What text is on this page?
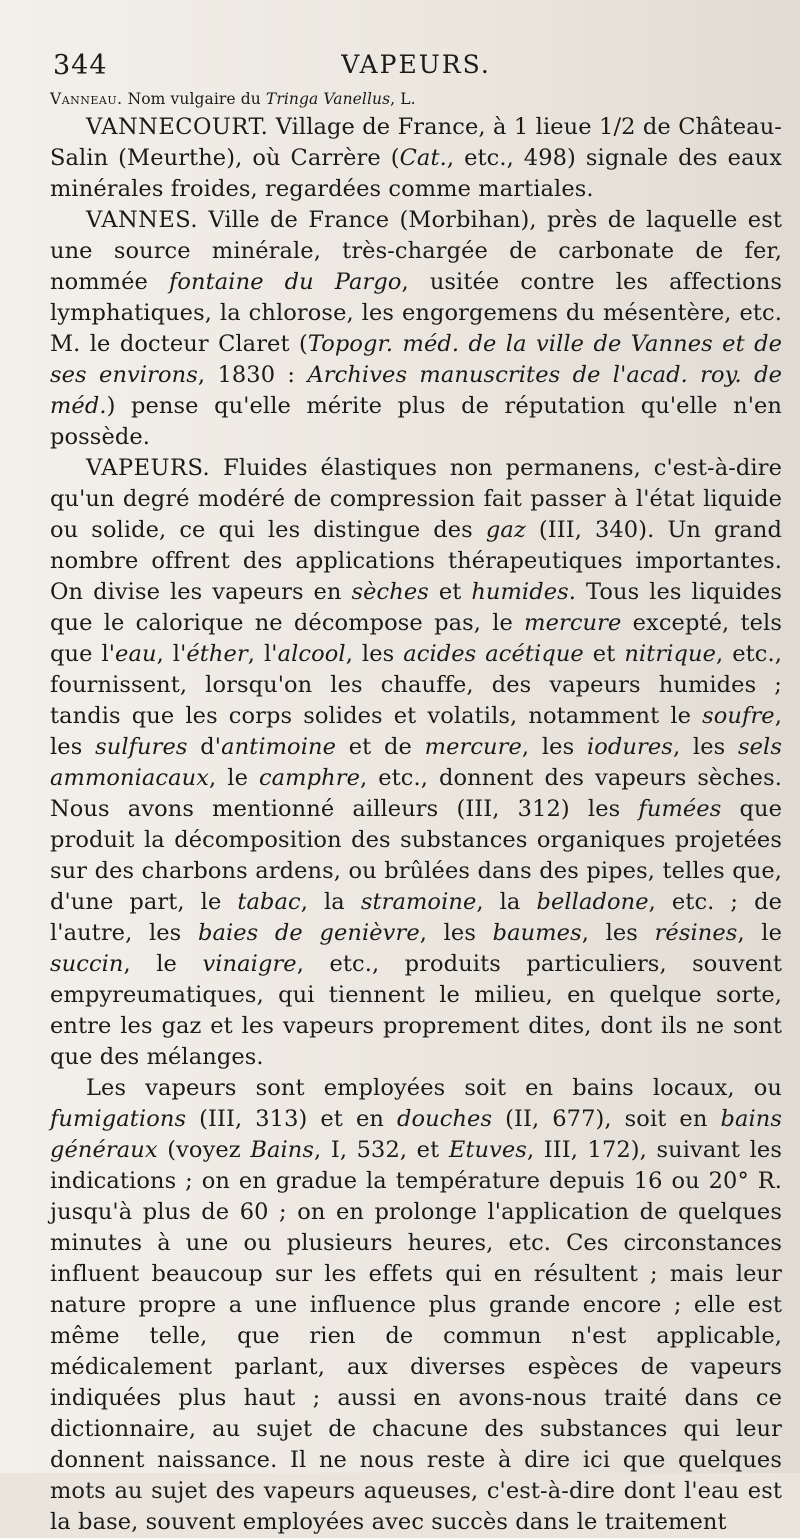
344	VAPEURS.

Vanneau. Nom vulgaire du Tringa Vanellus, L.

VANNECOURT. Village de France, à 1 lieue 1/2 de Château-Salin (Meurthe), où Carrère (Cat., etc., 498) signale des eaux minérales froides, regardées comme martiales.

VANNES. Ville de France (Morbihan), près de laquelle est une source minérale, très-chargée de carbonate de fer, nommée fontaine du Pargo, usitée contre les affections lymphatiques, la chlorose, les engorgemens du mésentère, etc. M. le docteur Claret (Topogr. méd. de la ville de Vannes et de ses environs, 1830 : Archives manuscrites de l'acad. roy. de méd.) pense qu'elle mérite plus de réputation qu'elle n'en possède.

VAPEURS. Fluides élastiques non permanens, c'est-à-dire qu'un degré modéré de compression fait passer à l'état liquide ou solide, ce qui les distingue des gaz (III, 340). Un grand nombre offrent des applications thérapeutiques importantes. On divise les vapeurs en sèches et humides. Tous les liquides que le calorique ne décompose pas, le mercure excepté, tels que l'eau, l'éther, l'alcool, les acides acétique et nitrique, etc., fournissent, lorsqu'on les chauffe, des vapeurs humides ; tandis que les corps solides et volatils, notamment le soufre, les sulfures d'antimoine et de mercure, les iodures, les sels ammoniacaux, le camphre, etc., donnent des vapeurs sèches. Nous avons mentionné ailleurs (III, 312) les fumées que produit la décomposition des substances organiques projetées sur des charbons ardens, ou brûlées dans des pipes, telles que, d'une part, le tabac, la stramoine, la belladone, etc. ; de l'autre, les baies de genièvre, les baumes, les résines, le succin, le vinaigre, etc., produits particuliers, souvent empyreumatiques, qui tiennent le milieu, en quelque sorte, entre les gaz et les vapeurs proprement dites, dont ils ne sont que des mélanges.

Les vapeurs sont employées soit en bains locaux, ou fumigations (III, 313) et en douches (II, 677), soit en bains généraux (voyez Bains, I, 532, et Etuves, III, 172), suivant les indications ; on en gradue la température depuis 16 ou 20° R. jusqu'à plus de 60 ; on en prolonge l'application de quelques minutes à une ou plusieurs heures, etc. Ces circonstances influent beaucoup sur les effets qui en résultent ; mais leur nature propre a une influence plus grande encore ; elle est même telle, que rien de commun n'est applicable, médicalement parlant, aux diverses espèces de vapeurs indiquées plus haut ; aussi en avons-nous traité dans ce dictionnaire, au sujet de chacune des substances qui leur donnent naissance. Il ne nous reste à dire ici que quelques mots au sujet des vapeurs aqueuses, c'est-à-dire dont l'eau est la base, souvent employées avec succès dans le traitement
